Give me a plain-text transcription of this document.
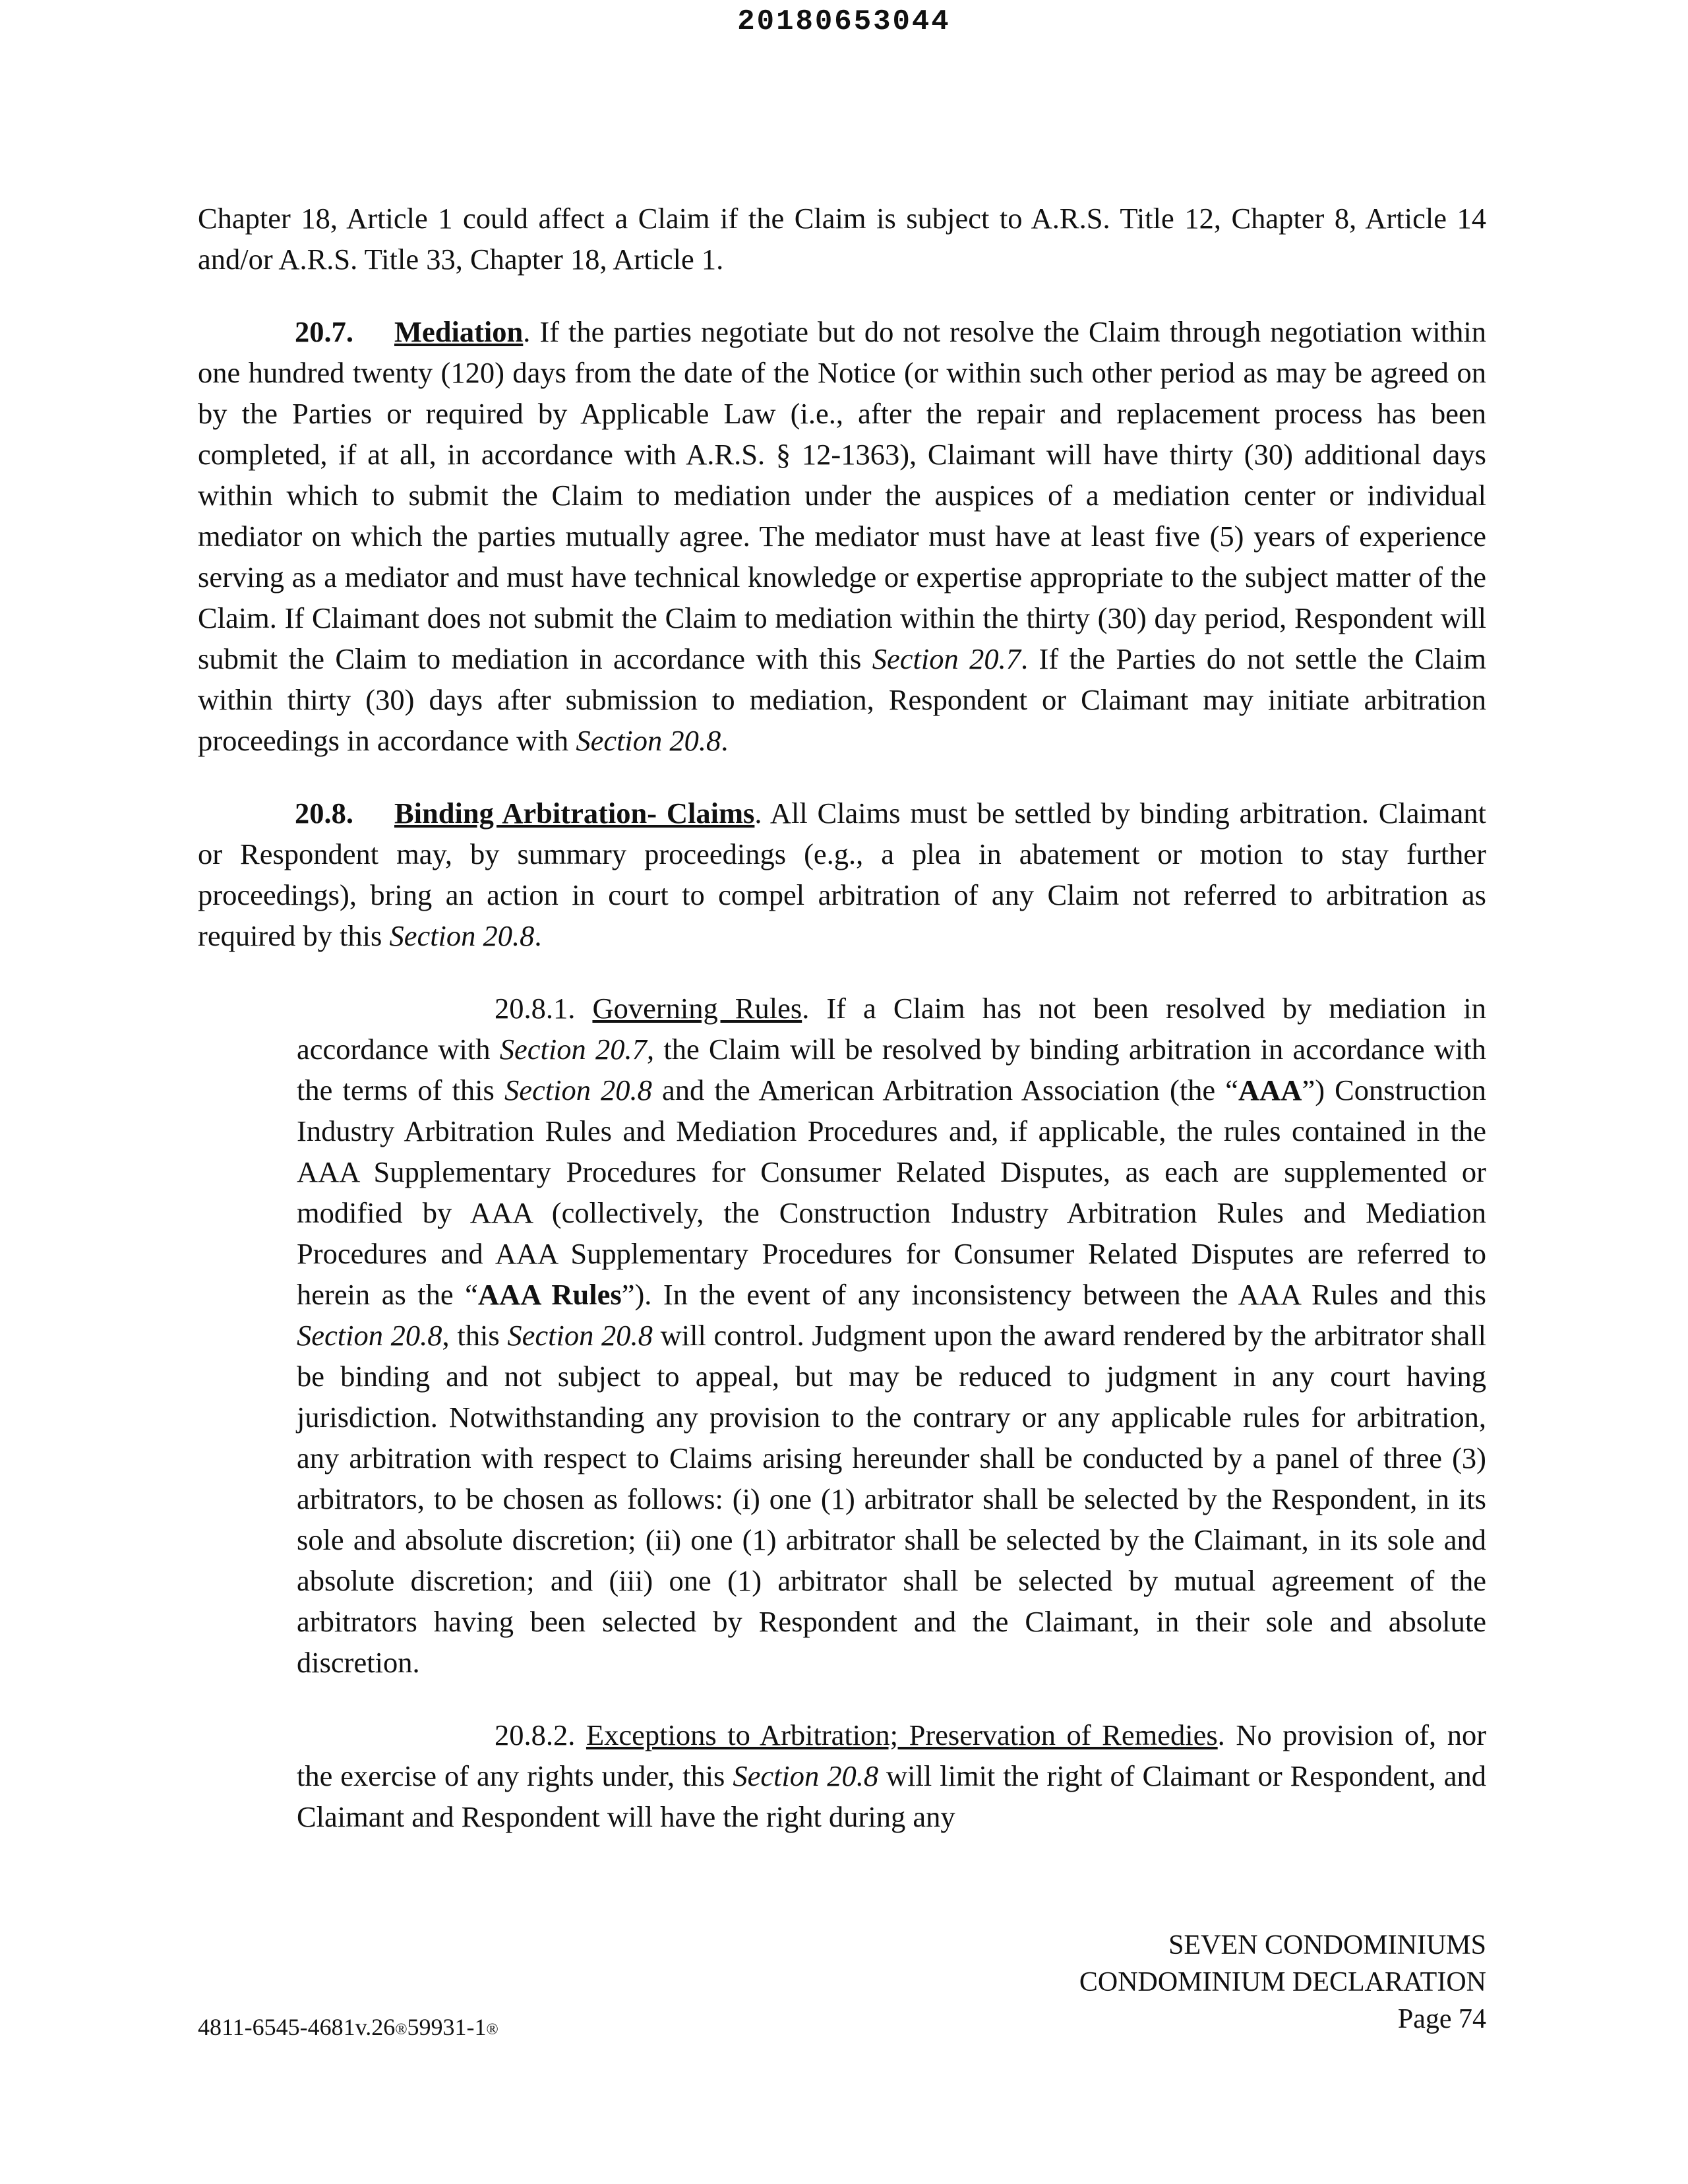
20180653044

Chapter 18, Article 1 could affect a Claim if the Claim is subject to A.R.S. Title 12, Chapter 8, Article 14 and/or A.R.S. Title 33, Chapter 18, Article 1.

20.7. Mediation. If the parties negotiate but do not resolve the Claim through negotiation within one hundred twenty (120) days from the date of the Notice (or within such other period as may be agreed on by the Parties or required by Applicable Law (i.e., after the repair and replacement process has been completed, if at all, in accordance with A.R.S. § 12-1363), Claimant will have thirty (30) additional days within which to submit the Claim to mediation under the auspices of a mediation center or individual mediator on which the parties mutually agree. The mediator must have at least five (5) years of experience serving as a mediator and must have technical knowledge or expertise appropriate to the subject matter of the Claim. If Claimant does not submit the Claim to mediation within the thirty (30) day period, Respondent will submit the Claim to mediation in accordance with this Section 20.7. If the Parties do not settle the Claim within thirty (30) days after submission to mediation, Respondent or Claimant may initiate arbitration proceedings in accordance with Section 20.8.

20.8. Binding Arbitration- Claims. All Claims must be settled by binding arbitration. Claimant or Respondent may, by summary proceedings (e.g., a plea in abatement or motion to stay further proceedings), bring an action in court to compel arbitration of any Claim not referred to arbitration as required by this Section 20.8.

20.8.1. Governing Rules. If a Claim has not been resolved by mediation in accordance with Section 20.7, the Claim will be resolved by binding arbitration in accordance with the terms of this Section 20.8 and the American Arbitration Association (the “AAA”) Construction Industry Arbitration Rules and Mediation Procedures and, if applicable, the rules contained in the AAA Supplementary Procedures for Consumer Related Disputes, as each are supplemented or modified by AAA (collectively, the Construction Industry Arbitration Rules and Mediation Procedures and AAA Supplementary Procedures for Consumer Related Disputes are referred to herein as the “AAA Rules”). In the event of any inconsistency between the AAA Rules and this Section 20.8, this Section 20.8 will control. Judgment upon the award rendered by the arbitrator shall be binding and not subject to appeal, but may be reduced to judgment in any court having jurisdiction. Notwithstanding any provision to the contrary or any applicable rules for arbitration, any arbitration with respect to Claims arising hereunder shall be conducted by a panel of three (3) arbitrators, to be chosen as follows: (i) one (1) arbitrator shall be selected by the Respondent, in its sole and absolute discretion; (ii) one (1) arbitrator shall be selected by the Claimant, in its sole and absolute discretion; and (iii) one (1) arbitrator shall be selected by mutual agreement of the arbitrators having been selected by Respondent and the Claimant, in their sole and absolute discretion.

20.8.2. Exceptions to Arbitration; Preservation of Remedies. No provision of, nor the exercise of any rights under, this Section 20.8 will limit the right of Claimant or Respondent, and Claimant and Respondent will have the right during any

SEVEN CONDOMINIUMS
CONDOMINIUM DECLARATION
Page 74
4811-6545-4681v.26®59931-1®
